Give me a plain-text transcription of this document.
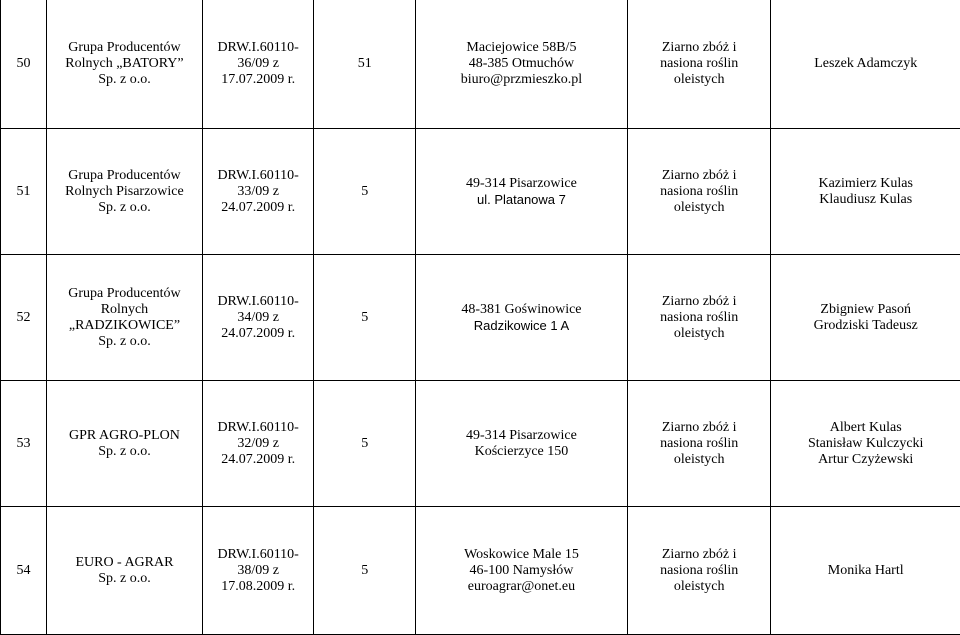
50	Grupa Producentów
Rolnych „BATORY”
Sp. z o.o.	DRW.I.60110-
36/09 z
17.07.2009 r.	51	Maciejowice 58B/5
48-385 Otmuchów
biuro@przmieszko.pl	Ziarno zbóż i
nasiona roślin
oleistych	Leszek Adamczyk

51	Grupa Producentów
Rolnych Pisarzowice
Sp. z o.o.	DRW.I.60110-
33/09 z
24.07.2009 r.	5	49-314 Pisarzowice
ul. Platanowa 7	Ziarno zbóż i
nasiona roślin
oleistych	Kazimierz Kulas
Klaudiusz Kulas

52	Grupa Producentów
Rolnych
„RADZIKOWICE”
Sp. z o.o.	DRW.I.60110-
34/09 z
24.07.2009 r.	5	48-381 Goświnowice
Radzikowice 1 A	Ziarno zbóż i
nasiona roślin
oleistych	Zbigniew Pasoń
Grodziski Tadeusz

53	GPR AGRO-PLON
Sp. z o.o.	DRW.I.60110-
32/09 z
24.07.2009 r.	5	49-314 Pisarzowice
Kościerzyce 150	Ziarno zbóż i
nasiona roślin
oleistych	Albert Kulas
Stanisław Kulczycki
Artur Czyżewski

54	EURO - AGRAR
Sp. z o.o.	DRW.I.60110-
38/09 z
17.08.2009 r.	5	Woskowice Male 15
46-100 Namysłów
euroagrar@onet.eu	Ziarno zbóż i
nasiona roślin
oleistych	Monika Hartl
